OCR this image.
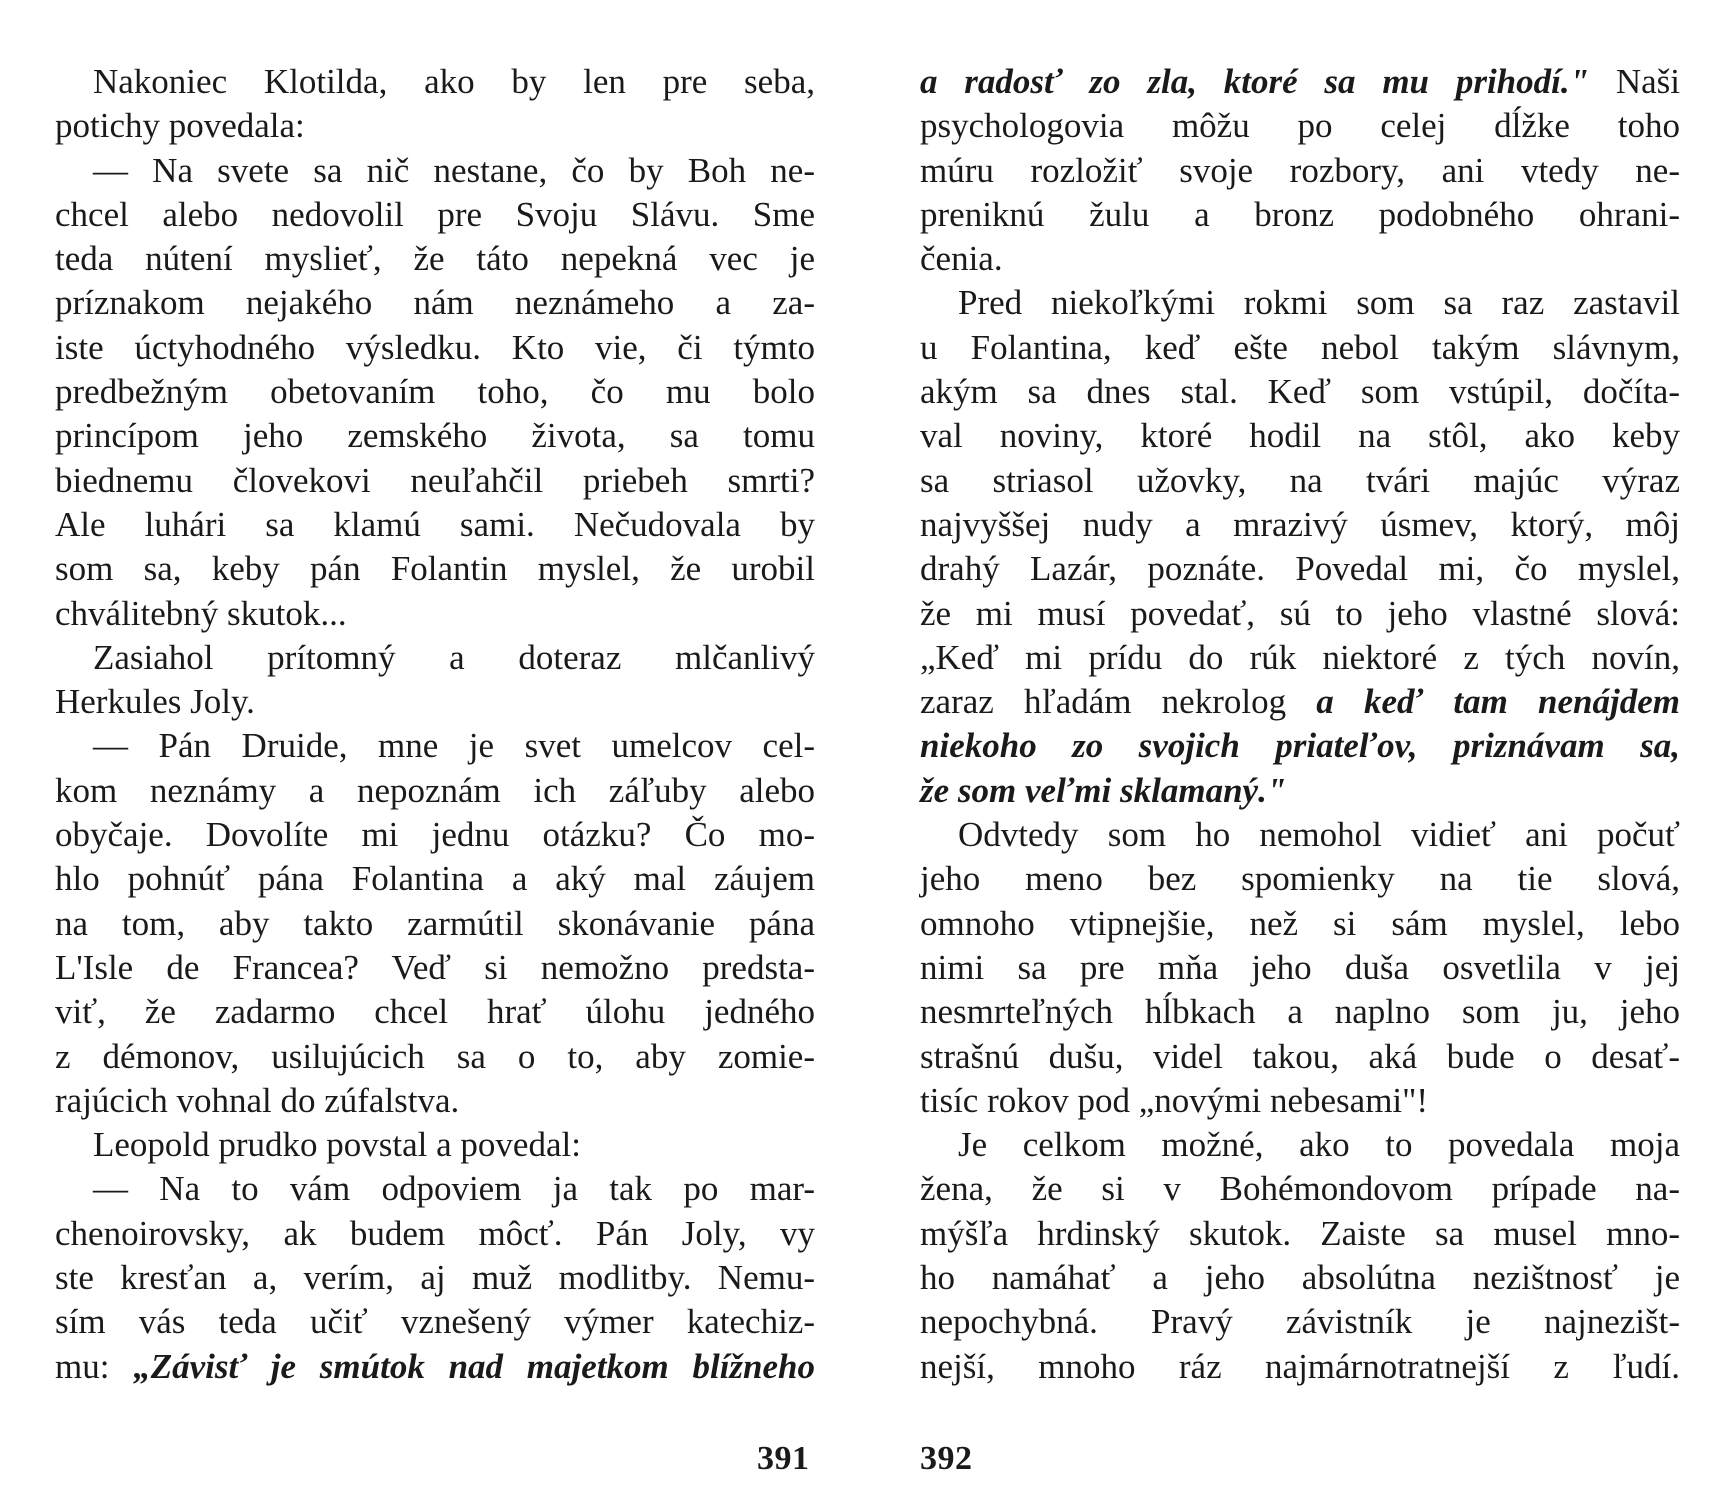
Nakoniec Klotilda, ako by len pre seba,
potichy povedala:
— Na svete sa nič nestane, čo by Boh ne-
chcel alebo nedovolil pre Svoju Slávu. Sme
teda nútení myslieť, že táto nepekná vec je
príznakom nejakého nám neznámeho a za-
iste úctyhodného výsledku. Kto vie, či týmto
predbežným obetovaním toho, čo mu bolo
princípom jeho zemského života, sa tomu
biednemu človekovi neuľahčil priebeh smrti?
Ale luhári sa klamú sami. Nečudovala by
som sa, keby pán Folantin myslel, že urobil
chválitebný skutok...
Zasiahol prítomný a doteraz mlčanlivý
Herkules Joly.
— Pán Druide, mne je svet umelcov cel-
kom neznámy a nepoznám ich záľuby alebo
obyčaje. Dovolíte mi jednu otázku? Čo mo-
hlo pohnúť pána Folantina a aký mal záujem
na tom, aby takto zarmútil skonávanie pána
L'Isle de Francea? Veď si nemožno predsta-
viť, že zadarmo chcel hrať úlohu jedného
z démonov, usilujúcich sa o to, aby zomie-
rajúcich vohnal do zúfalstva.
Leopold prudko povstal a povedal:
— Na to vám odpoviem ja tak po mar-
chenoirovsky, ak budem môcť. Pán Joly, vy
ste kresťan a, verím, aj muž modlitby. Nemu-
sím vás teda učiť vznešený výmer katechiz-
mu: „Závisť je smútok nad majetkom blížneho
391
a radosť zo zla, ktoré sa mu prihodí." Naši
psychologovia môžu po celej dĺžke toho
múru rozložiť svoje rozbory, ani vtedy ne-
preniknú žulu a bronz podobného ohrani-
čenia.
Pred niekoľkými rokmi som sa raz zastavil
u Folantina, keď ešte nebol takým slávnym,
akým sa dnes stal. Keď som vstúpil, dočíta-
val noviny, ktoré hodil na stôl, ako keby
sa striasol užovky, na tvári majúc výraz
najvyššej nudy a mrazivý úsmev, ktorý, môj
drahý Lazár, poznáte. Povedal mi, čo myslel,
že mi musí povedať, sú to jeho vlastné slová:
„Keď mi prídu do rúk niektoré z tých novín,
zaraz hľadám nekrolog a keď tam nenájdem
niekoho zo svojich priateľov, priznávam sa,
že som veľmi sklamaný."
Odvtedy som ho nemohol vidieť ani počuť
jeho meno bez spomienky na tie slová,
omnoho vtipnejšie, než si sám myslel, lebo
nimi sa pre mňa jeho duša osvetlila v jej
nesmrteľných hĺbkach a naplno som ju, jeho
strašnú dušu, videl takou, aká bude o desať-
tisíc rokov pod „novými nebesami"!
Je celkom možné, ako to povedala moja
žena, že si v Bohémondovom prípade na-
mýšľa hrdinský skutok. Zaiste sa musel mno-
ho namáhať a jeho absolútna nezištnosť je
nepochybná. Pravý závistník je najnezišt-
nejší, mnoho ráz najmárnotratnejší z ľudí.
392
